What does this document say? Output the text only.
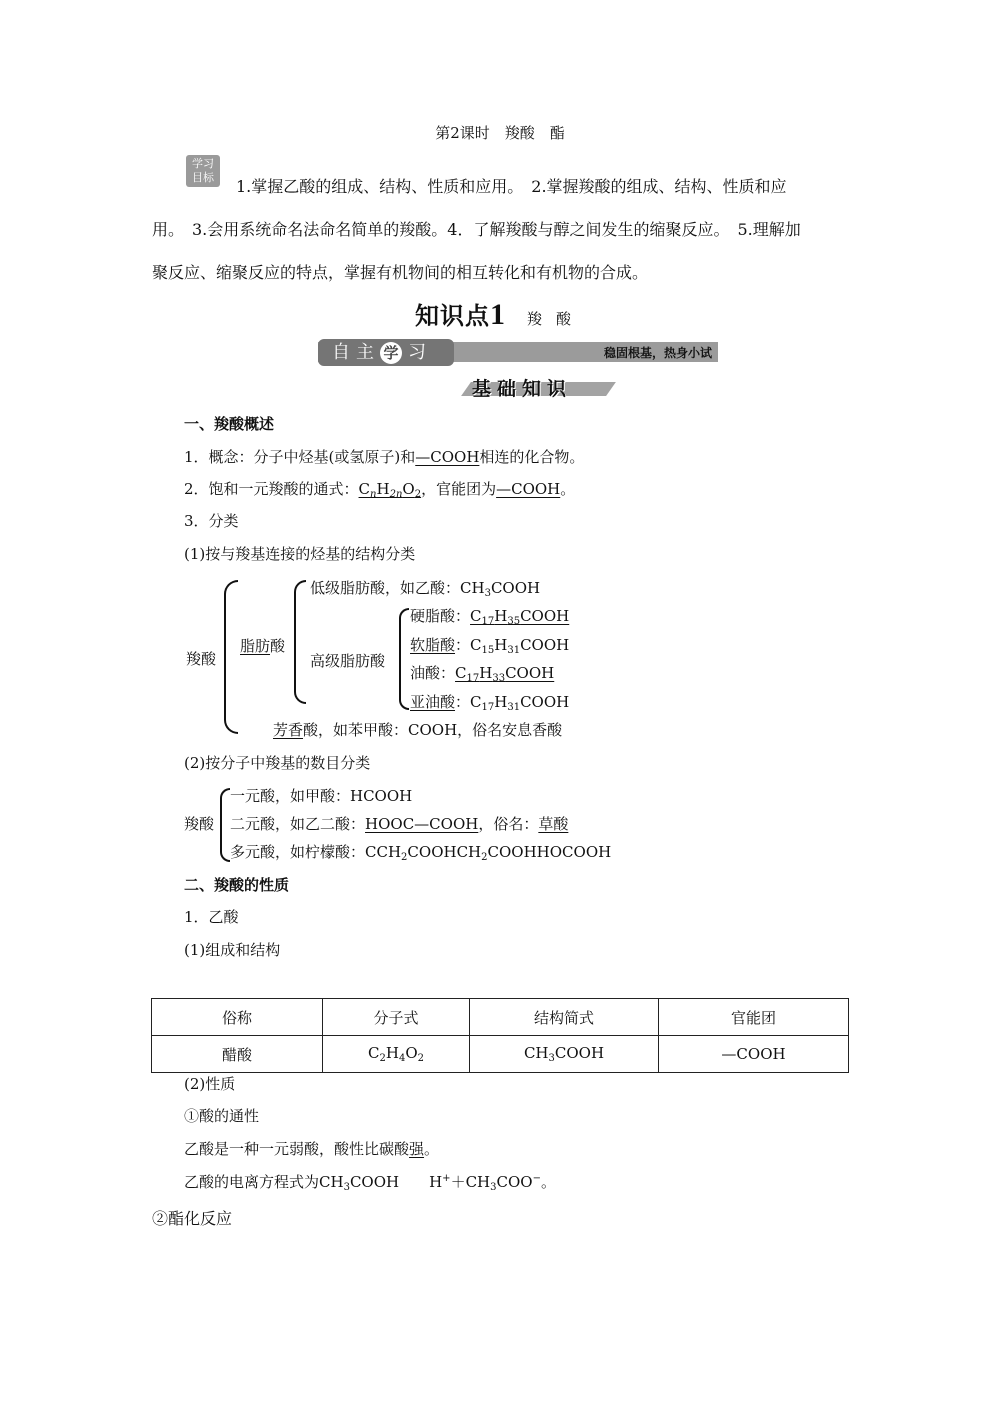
第2课时　羧酸　酯
学习
目标	1.掌握乙酸的组成、结构、性质和应用。　2.掌握羧酸的组成、结构、性质和应
用。　3.会用系统命名法命名简单的羧酸。4．了解羧酸与醇之间发生的缩聚反应。　5.理解加
聚反应、缩聚反应的特点，掌握有机物间的相互转化和有机物的合成。
知识点1 羧酸
自主 学 习	稳固根基，热身小试
基础知识
一、羧酸概述
1．概念：分子中烃基(或氢原子)和—COOH相连的化合物。
2．饱和一元羧酸的通式：$C_nH_{2n}O_2$，官能团为—COOH。
3．分类
(1)按与羧基连接的烃基的结构分类
羧酸
脂肪酸
低级脂肪酸，如乙酸：$CH_3COOH$
高级脂肪酸
硬脂酸：$C_{17}H_{35}COOH$
软脂酸：$C_{15}H_{31}COOH$
油酸：$C_{17}H_{33}COOH$
亚油酸：$C_{17}H_{31}COOH$
芳香酸，如苯甲酸：COOH，俗名安息香酸
(2)按分子中羧基的数目分类
羧酸
一元酸，如甲酸：HCOOH
二元酸，如乙二酸：HOOC—COOH，俗名：草酸
多元酸，如柠檬酸：$CCH_2COOHCH_2COOHHOCOOH$
二、羧酸的性质
1．乙酸
(1)组成和结构
俗称	分子式	结构简式	官能团
醋酸	$C_2H_4O_2$	$CH_3COOH$	—COOH
(2)性质
①酸的通性
乙酸是一种一元弱酸，酸性比碳酸强。
乙酸的电离方程式为$CH_3COOH$　　$H^++CH_3COO^-$。
②酯化反应
